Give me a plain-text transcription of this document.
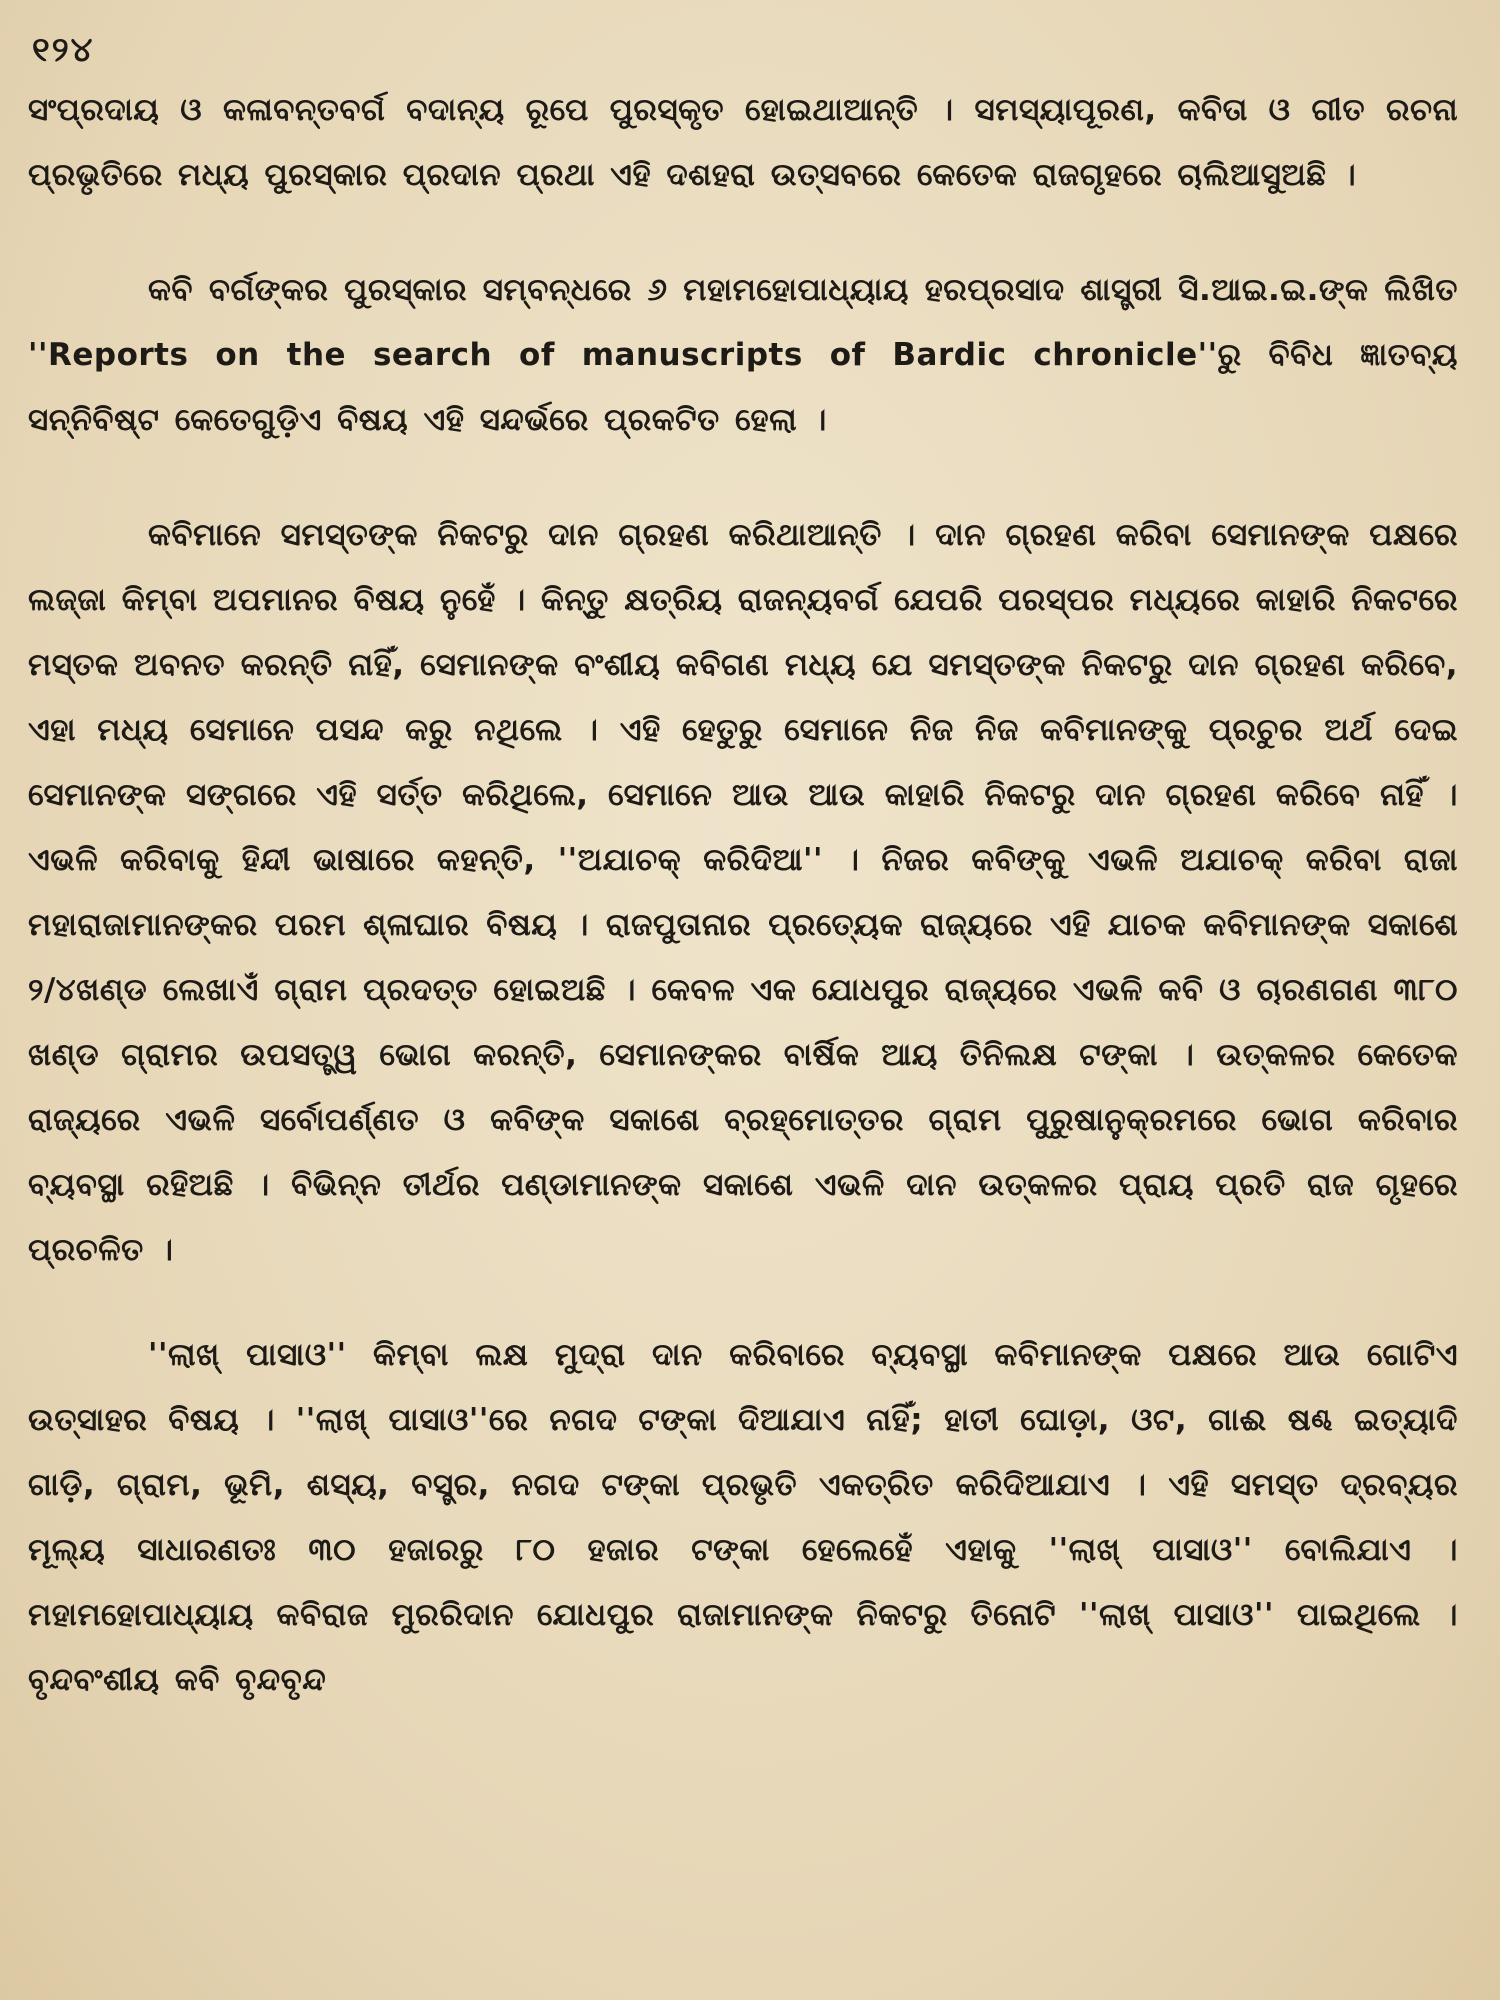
୧୨୪

ସଂପ୍ରଦାୟ ଓ କଳାବନ୍ତବର୍ଗ ବଦାନ୍ୟ ରୂପେ ପୁରସ୍କୃତ ହୋଇଥାଆନ୍ତି । ସମସ୍ୟାପୂରଣ, କବିତା ଓ ଗୀତ ରଚନା ପ୍ରଭୃତିରେ ମଧ୍ୟ ପୁରସ୍କାର ପ୍ରଦାନ ପ୍ରଥା ଏହି ଦଶହରା ଉତ୍ସବରେ କେତେକ ରାଜଗୃହରେ ଚାଲିଆସୁଅଛି ।

କବି ବର୍ଗଙ୍କର ପୁରସ୍କାର ସମ୍ବନ୍ଧରେ ୬ ମହାମହୋପାଧ୍ୟାୟ ହରପ୍ରସାଦ ଶାସ୍ତ୍ରୀ ସି.ଆଇ.ଇ.ଙ୍କ ଲିଖିତ ''Reports on the search of manuscripts of Bardic chronicle''ରୁ ବିବିଧ ଜ୍ଞାତବ୍ୟ ସନ୍ନିବିଷ୍ଟ କେତେଗୁଡ଼ିଏ ବିଷୟ ଏହି ସନ୍ଦର୍ଭରେ ପ୍ରକଟିତ ହେଲା ।

କବିମାନେ ସମସ୍ତଙ୍କ ନିକଟରୁ ଦାନ ଗ୍ରହଣ କରିଥାଆନ୍ତି । ଦାନ ଗ୍ରହଣ କରିବା ସେମାନଙ୍କ ପକ୍ଷରେ ଲଜ୍ଜା କିମ୍ବା ଅପମାନର ବିଷୟ ନୁହେଁ । କିନ୍ତୁ କ୍ଷତ୍ରିୟ ରାଜନ୍ୟବର୍ଗ ଯେପରି ପରସ୍ପର ମଧ୍ୟରେ କାହାରି ନିକଟରେ ମସ୍ତକ ଅବନତ କରନ୍ତି ନାହିଁ, ସେମାନଙ୍କ ବଂଶୀୟ କବିଗଣ ମଧ୍ୟ ଯେ ସମସ୍ତଙ୍କ ନିକଟରୁ ଦାନ ଗ୍ରହଣ କରିବେ, ଏହା ମଧ୍ୟ ସେମାନେ ପସନ୍ଦ କରୁ ନଥିଲେ । ଏହି ହେତୁରୁ ସେମାନେ ନିଜ ନିଜ କବିମାନଙ୍କୁ ପ୍ରଚୁର ଅର୍ଥ ଦେଇ ସେମାନଙ୍କ ସଙ୍ଗରେ ଏହି ସର୍ତ୍ତ କରିଥିଲେ, ସେମାନେ ଆଉ ଆଉ କାହାରି ନିକଟରୁ ଦାନ ଗ୍ରହଣ କରିବେ ନାହିଁ । ଏଭଳି କରିବାକୁ ହିନ୍ଦୀ ଭାଷାରେ କହନ୍ତି, ''ଅଯାଚକ୍ କରିଦିଆ'' । ନିଜର କବିଙ୍କୁ ଏଭଳି ଅଯାଚକ୍ କରିବା ରାଜା ମହାରାଜାମାନଙ୍କର ପରମ ଶ୍ଳାଘାର ବିଷୟ । ରାଜପୁତାନାର ପ୍ରତ୍ୟେକ ରାଜ୍ୟରେ ଏହି ଯାଚକ କବିମାନଙ୍କ ସକାଶେ ୨/୪ଖଣ୍ଡ ଲେଖାଏଁ ଗ୍ରାମ ପ୍ରଦତ୍ତ ହୋଇଅଛି । କେବଳ ଏକ ଯୋଧପୁର ରାଜ୍ୟରେ ଏଭଳି କବି ଓ ଚାରଣଗଣ ୩୮୦ ଖଣ୍ଡ ଗ୍ରାମର ଉପସତ୍ତ୍ୱ ଭୋଗ କରନ୍ତି, ସେମାନଙ୍କର ବାର୍ଷିକ ଆୟ ତିନିଲକ୍ଷ ଟଙ୍କା । ଉତ୍କଳର କେତେକ ରାଜ୍ୟରେ ଏଭଳି ସର୍ବୋପର୍ଣ୍ଣତ ଓ କବିଙ୍କ ସକାଶେ ବ୍ରହ୍ମୋତ୍ତର ଗ୍ରାମ ପୁରୁଷାନୁକ୍ରମରେ ଭୋଗ କରିବାର ବ୍ୟବସ୍ଥା ରହିଅଛି । ବିଭିନ୍ନ ତୀର୍ଥର ପଣ୍ଡାମାନଙ୍କ ସକାଶେ ଏଭଳି ଦାନ ଉତ୍କଳର ପ୍ରାୟ ପ୍ରତି ରାଜ ଗୃହରେ ପ୍ରଚଳିତ ।

''ଲାଖ୍ ପାସାଓ'' କିମ୍ବା ଲକ୍ଷ ମୁଦ୍ରା ଦାନ କରିବାରେ ବ୍ୟବସ୍ଥା କବିମାନଙ୍କ ପକ୍ଷରେ ଆଉ ଗୋଟିଏ ଉତ୍ସାହର ବିଷୟ । ''ଲାଖ୍ ପାସାଓ''ରେ ନଗଦ ଟଙ୍କା ଦିଆଯାଏ ନାହିଁ; ହାତୀ ଘୋଡ଼ା, ଓଟ, ଗାଈ ଷଣ୍ଢ ଇତ୍ୟାଦି ଗାଡ଼ି, ଗ୍ରାମ, ଭୂମି, ଶସ୍ୟ, ବସ୍ତ୍ର, ନଗଦ ଟଙ୍କା ପ୍ରଭୃତି ଏକତ୍ରିତ କରିଦିଆଯାଏ । ଏହି ସମସ୍ତ ଦ୍ରବ୍ୟର ମୂଲ୍ୟ ସାଧାରଣତଃ ୩୦ ହଜାରରୁ ୮୦ ହଜାର ଟଙ୍କା ହେଲେହେଁ ଏହାକୁ ''ଲାଖ୍ ପାସାଓ'' ବୋଲିଯାଏ । ମହାମହୋପାଧ୍ୟାୟ କବିରାଜ ମୁରରିଦାନ ଯୋଧପୁର ରାଜାମାନଙ୍କ ନିକଟରୁ ତିନୋଟି ''ଲାଖ୍ ପାସାଓ'' ପାଇଥିଲେ । ବୃନ୍ଦବଂଶୀୟ କବି ବୃନ୍ଦବୃନ୍ଦ
